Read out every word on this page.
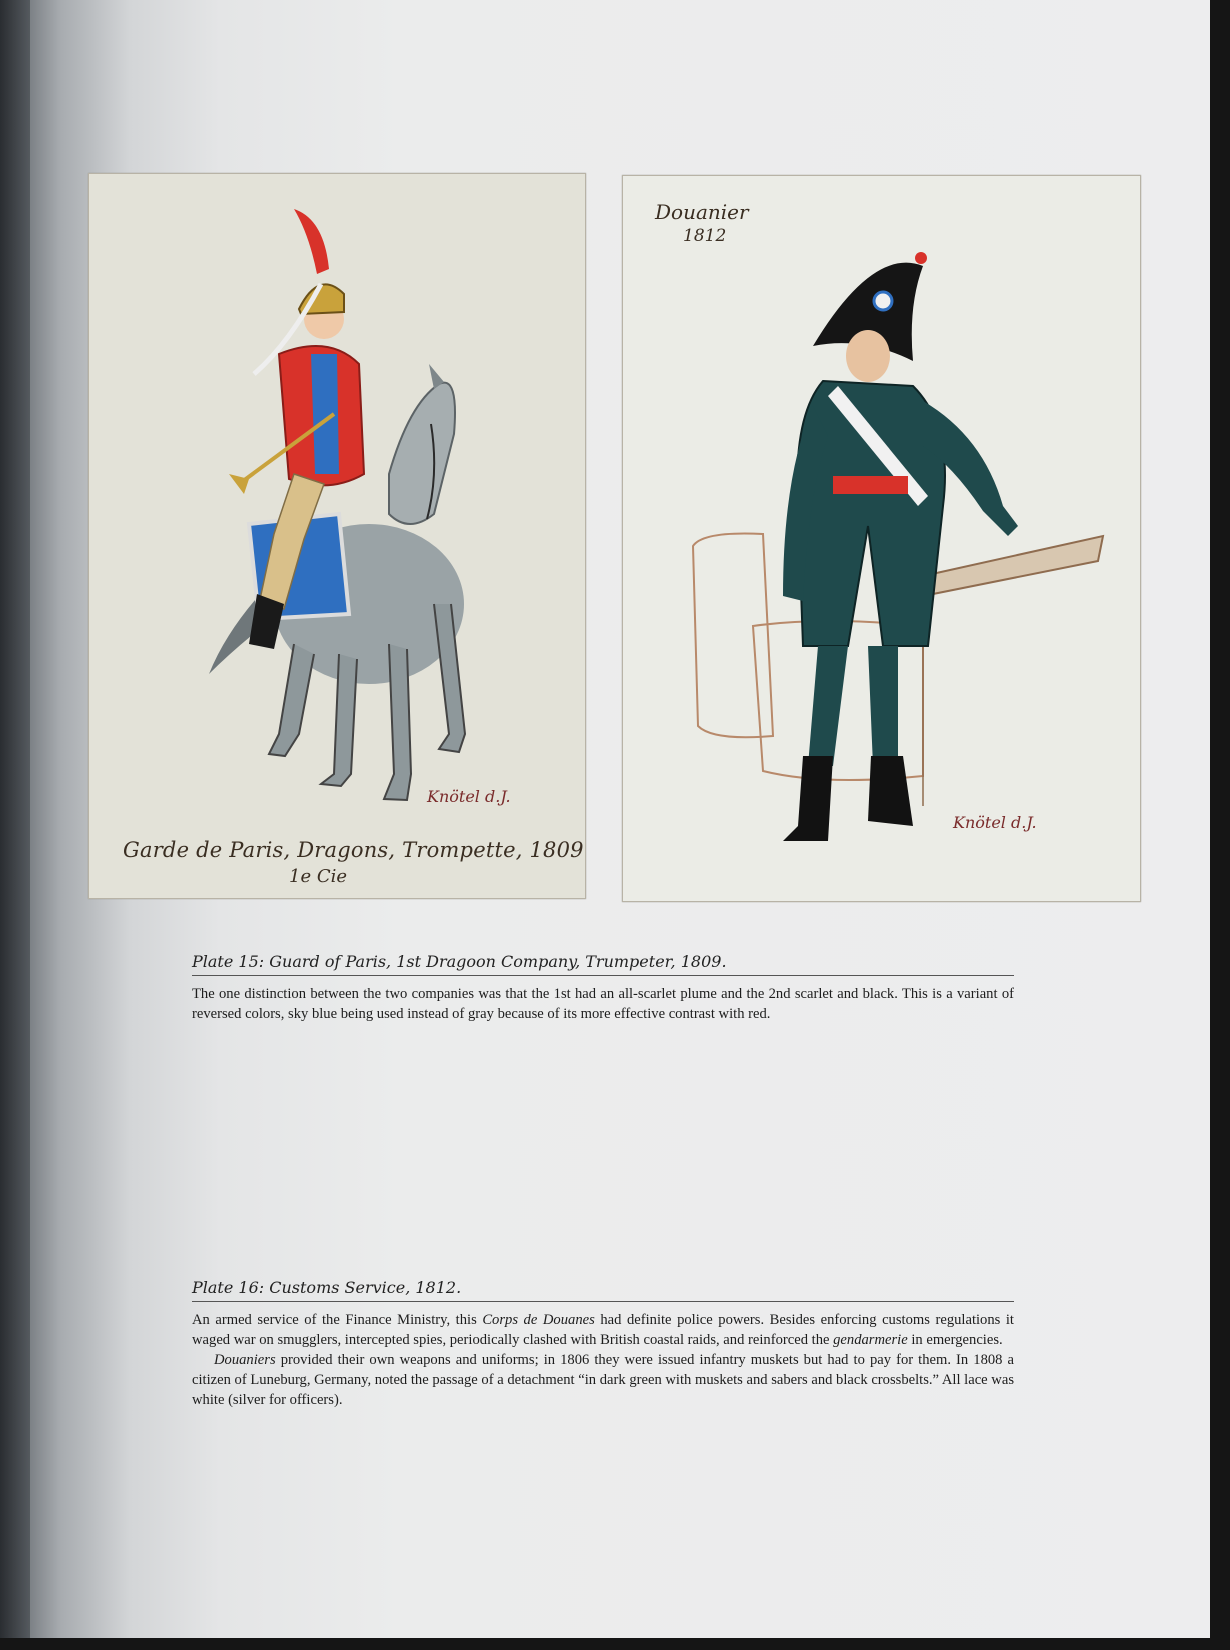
Knötel d.J.
Garde de Paris, Dragons, Trompette, 1809
1e Cie
Douanier
1812
Knötel d.J.
Plate 15: Guard of Paris, 1st Dragoon Company, Trumpeter, 1809.

The one distinction between the two companies was that the 1st had an all-scarlet plume and the 2nd scarlet and black. This is a variant of reversed colors, sky blue being used instead of gray because of its more effective contrast with red.

Plate 16: Customs Service, 1812.

An armed service of the Finance Ministry, this Corps de Douanes had definite police powers. Besides enforcing customs regulations it waged war on smugglers, intercepted spies, periodically clashed with British coastal raids, and reinforced the gendarmerie in emergencies.

Douaniers provided their own weapons and uniforms; in 1806 they were issued infantry muskets but had to pay for them. In 1808 a citizen of Luneburg, Germany, noted the passage of a detachment “in dark green with muskets and sabers and black crossbelts.” All lace was white (silver for officers).
